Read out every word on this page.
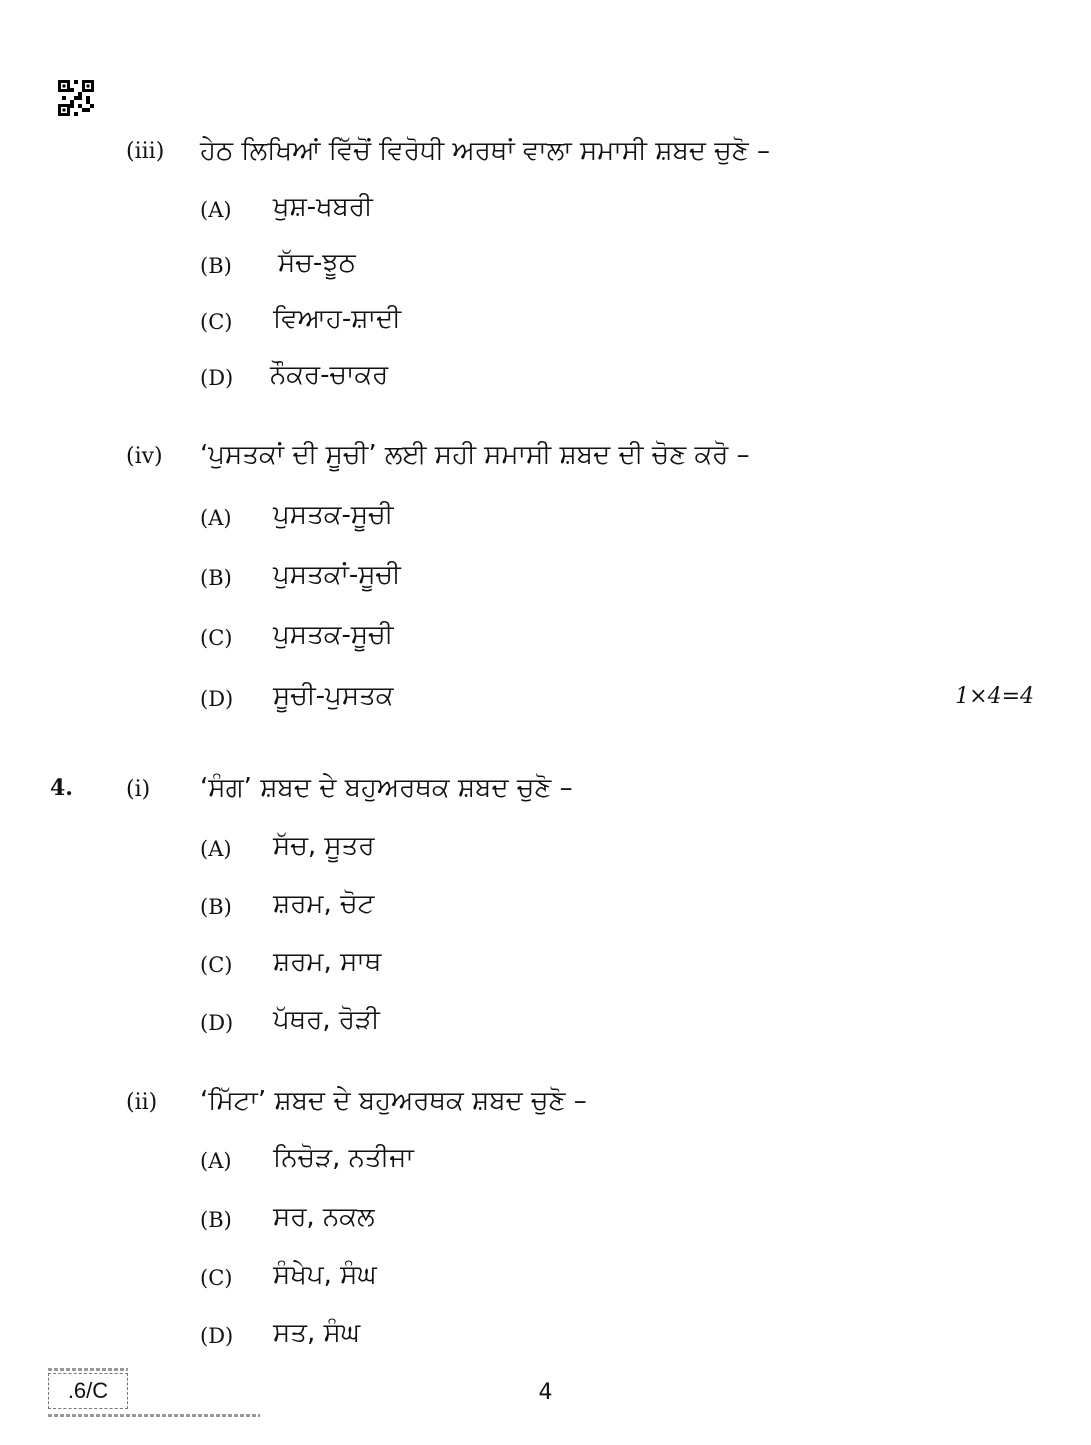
(iii) ਹੇਠ ਲਿਖਿਆਂ ਵਿੱਚੋਂ ਵਿਰੋਧੀ ਅਰਥਾਂ ਵਾਲਾ ਸਮਾਸੀ ਸ਼ਬਦ ਚੁਣੋ –
(A) ਖੁਸ਼-ਖਬਰੀ
(B) ਸੱਚ-ਝੂਠ
(C) ਵਿਆਹ-ਸ਼ਾਦੀ
(D) ਨੌਕਰ-ਚਾਕਰ
(iv) ‘ਪੁਸਤਕਾਂ ਦੀ ਸੂਚੀ’ ਲਈ ਸਹੀ ਸਮਾਸੀ ਸ਼ਬਦ ਦੀ ਚੋਣ ਕਰੋ –
(A) ਪੁਸਤਕ-ਸੂਚੀ
(B) ਪੁਸਤਕਾਂ-ਸੂਚੀ
(C) ਪੁਸਤਕ-ਸੂਚੀ
(D) ਸੂਚੀ-ਪੁਸਤਕ	1×4=4
4. (i) ‘ਸੰਗ’ ਸ਼ਬਦ ਦੇ ਬਹੁਅਰਥਕ ਸ਼ਬਦ ਚੁਣੋ –
(A) ਸੱਚ, ਸੂਤਰ
(B) ਸ਼ਰਮ, ਚੋਟ
(C) ਸ਼ਰਮ, ਸਾਥ
(D) ਪੱਥਰ, ਰੋੜੀ
(ii) ‘ਮਿੱਟਾ’ ਸ਼ਬਦ ਦੇ ਬਹੁਅਰਥਕ ਸ਼ਬਦ ਚੁਣੋ –
(A) ਨਿਚੋੜ, ਨਤੀਜਾ
(B) ਸਰ, ਨਕਲ
(C) ਸੰਖੇਪ, ਸੰਘ
(D) ਸਤ, ਸੰਘ
.6/C	4
